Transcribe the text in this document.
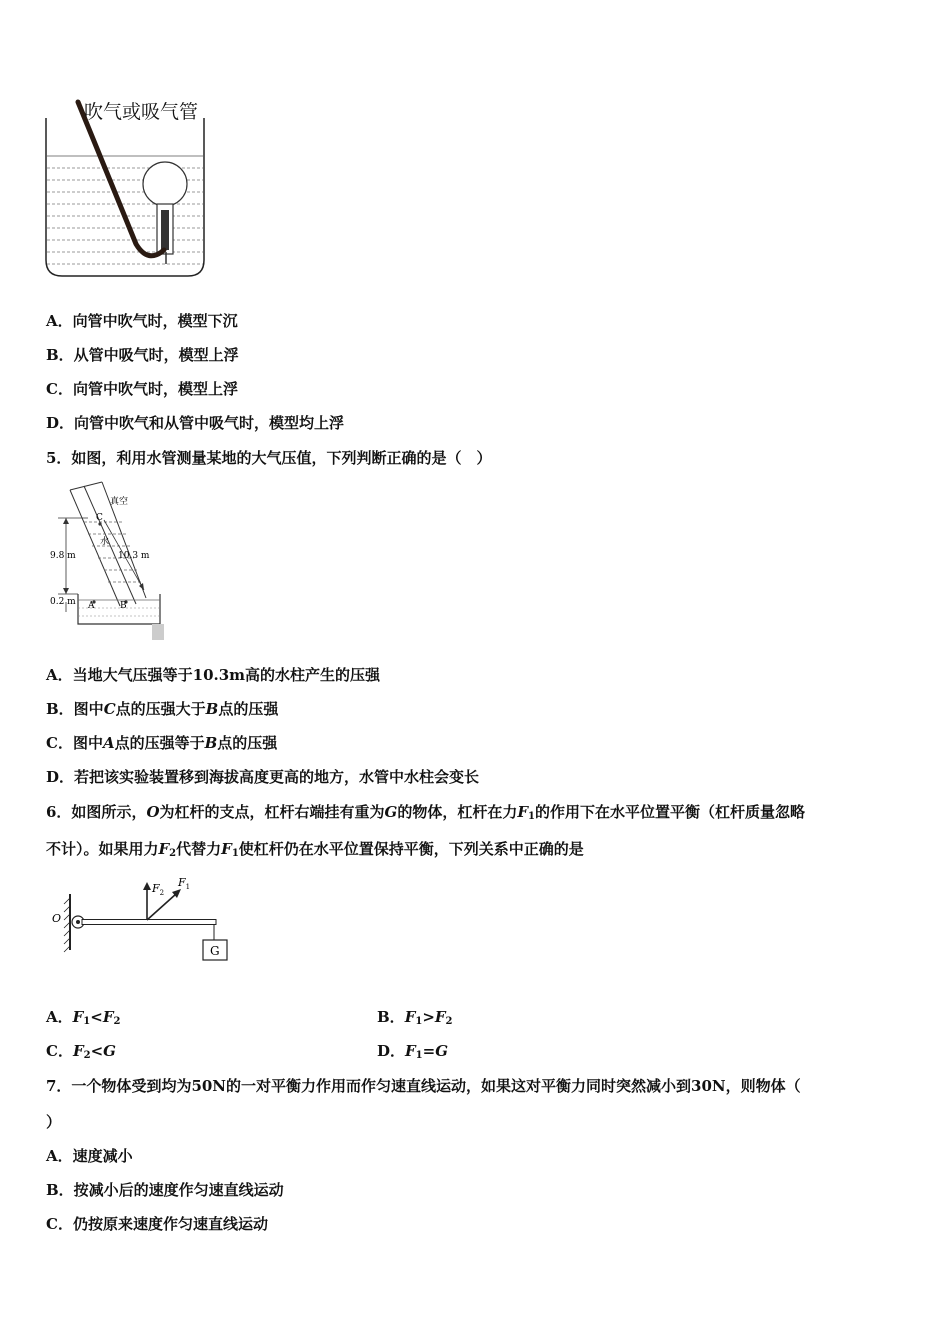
吹气或吸气管
A．向管中吹气时，模型下沉
B．从管中吸气时，模型上浮
C．向管中吹气时，模型上浮
D．向管中吹气和从管中吸气时，模型均上浮
5．如图，利用水管测量某地的大气压值，下列判断正确的是（　）
真空
水
9.8 m	10.3 m
0.2 m A	B
C
A．当地大气压强等于10.3m高的水柱产生的压强
B．图中C点的压强大于B点的压强
C．图中A点的压强等于B点的压强
D．若把该实验装置移到海拔高度更高的地方，水管中水柱会变长
6．如图所示，O为杠杆的支点，杠杆右端挂有重为G的物体，杠杆在力$F_1$的作用下在水平位置平衡（杠杆质量忽略
不计）。如果用力$F_2$代替力$F_1$使杠杆仍在水平位置保持平衡，下列关系中正确的是
O
$F_2$
$F_1$
G
A．$F_1<F_2$	B．$F_1>F_2$
C．$F_2<G$	D．$F_1=G$
7．一个物体受到均为50N的一对平衡力作用而作匀速直线运动，如果这对平衡力同时突然减小到30N，则物体（
）
A．速度减小
B．按减小后的速度作匀速直线运动
C．仍按原来速度作匀速直线运动
